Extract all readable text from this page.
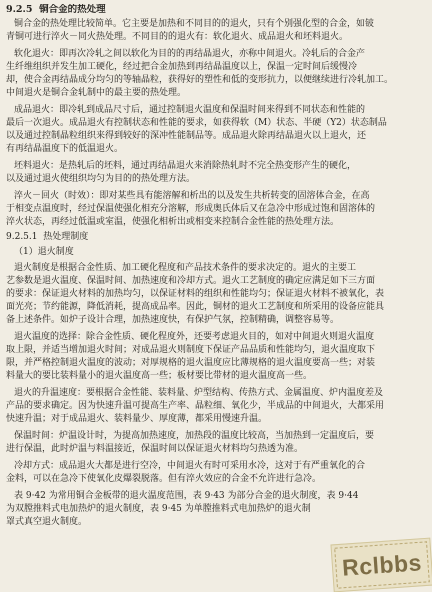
9.2.5 铜合金的热处理
铜合金的热处理比较简单。它主要是加热和不同目的的退火，只有个别强化型的合金，如铍
青铜可进行淬火－同火热处理。不同目的的退火有：软化退火、成品退火和坯料退火。
软化退火：即再次冷轧之间以软化为目的的再结晶退火，亦称中间退火。冷轧后的合金产
生纤维组织并发生加工硬化，经过把合金加热到再结晶温度以上，保温一定时间后缓慢冷
却，使合金再结晶成分均匀的等轴晶粒，获得好的塑性和低的变形抗力，以便继续进行冷轧加工。
中间退火是铜合金轧制中的最主要的热处理。
成品退火：即冷轧到成品尺寸后，通过控制退火温度和保温时间来得到不同状态和性能的
最后一次退火。成品退火有控制状态和性能的要求，如获得软（M）状态、半硬（Y2）状态制品
以及通过控制晶粒组织来得到较好的深冲性能制品等。成品退火除再结晶退火以上退火，还
有再结晶温度下的低温退火。
坯料退火：是热轧后的坯料，通过再结晶退火来消除热轧时不完全热变形产生的硬化，
以及通过退火使组织均匀为目的的热处理方法。
淬火－回火（时效）：即对某些具有能溶解和析出的以及发生共析转变的固溶体合金，在高
于相变点温度时，经过保温使强化相充分溶解，形成奥氏体后又在急冷中形成过饱和固溶体的
淬火状态，再经过低温或室温，使强化相析出或相变来控制合金性能的热处理方法。
9.2.5.1 热处理制度
（1）退火制度
退火制度是根据合金性质、加工硬化程度和产品技术条件的要求决定的。退火的主要工
艺参数是退火温度、保温时间、加热速度和冷却方式。退火工艺制度的确定应满足如下三方面
的要求：保证退火材料的加热均匀，以保证材料的组织和性能均匀；保证退火材料不被氧化，表
面光亮；节约能源，降低消耗，提高成品率。因此，铜材的退火工艺制度和所采用的设备应能具
备上述条件。如炉子设计合理，加热速度快，有保护气氛，控制精确，调整容易等。
退火温度的选择：除合金性质、硬化程度外，还要考虑退火目的，如对中间退火则退火温度
取上限，并适当增加退火时间；对成品退火则制度下保证产品品质和性能均匀，退火温度取下
限，并严格控制退火温度的波动；对厚规格的退火温度应比薄规格的退火温度要高一些；对装
料量大的要比装料量小的退火温度高一些；板材要比带材的退火温度高一些。
退火的升温速度：要根据合金性能、装料量、炉型结构、传热方式、金属温度、炉内温度差及
产品的要求确定。因为快速升温可提高生产率、晶粒细、氧化少，半成品的中间退火，大都采用
快速升温；对于成品退火、装料量少、厚度薄，都采用慢速升温。
保温时间：炉温设计时，为提高加热速度，加热段的温度比较高，当加热到一定温度后，要
进行保温，此时炉温与料温接近，保温时间以保证退火材料均匀热透为准。
冷却方式：成品退火大都是进行空冷，中间退火有时可采用水冷，这对于有严重氧化的合
金料，可以在急冷下使氧化皮爆裂脱落。但有淬火效应的合金不允许进行急冷。
表 9·42 为常用铜合金板带的退火温度范围，表 9·43 为部分合金的退火制度，表 9·44
为双膛推料式电加热炉的退火制度，表 9·45 为单膛推料式电加热炉的退火制
罩式真空退火制度。
Rclbbs
